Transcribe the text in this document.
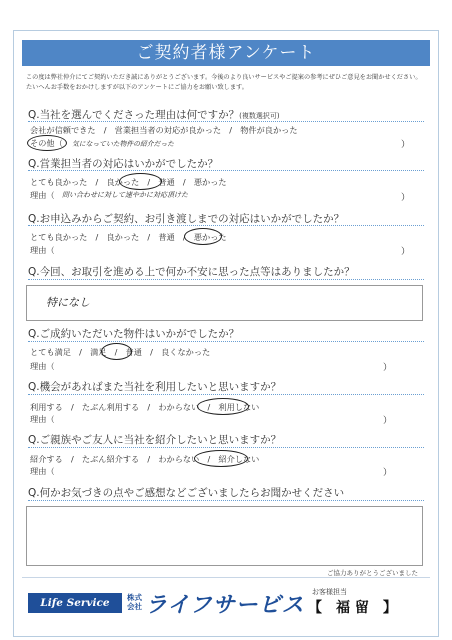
ご契約者様アンケート
この度は弊社仲介にてご契約いただき誠にありがとうございます。今後のより良いサービスやご提案の参考にぜひご意見をお聞かせください。
たいへんお手数をおかけしますが以下のアンケートにご協力をお願い致します。
Q.当社を選んでくださった理由は何ですか？(複数選択可)
会社が信頼できた　/　営業担当者の対応が良かった　/　物件が良かった
その他（ 気になっていた物件の紹介だった	）
Q.営業担当者の対応はいかがでしたか？
とても良かった　/　良かった　/　普通　/　悪かった
理由（ 問い合わせに対して速やかに対応頂けた	）
Q.お申込みからご契約、お引き渡しまでの対応はいかがでしたか？
とても良かった　/　良かった　/　普通　/　悪かった
理由（	）
Q.今回、お取引を進める上で何か不安に思った点等はありましたか？
特になし
Q.ご成約いただいた物件はいかがでしたか？
とても満足　/　満足　/　普通　/　良くなかった
理由（	）
Q.機会があればまた当社を利用したいと思いますか？
利用する　/　たぶん利用する　/　わからない　/　利用しない
理由（	）
Q.ご親族やご友人に当社を紹介したいと思いますか？
紹介する　/　たぶん紹介する　/　わからない　/　紹介しない
理由（	）
Q.何かお気づきの点やご感想などございましたらお聞かせください
ご協力ありがとうございました
Life Service	株式
会社 ライフサービス
お客様担当
【　福 留　】
